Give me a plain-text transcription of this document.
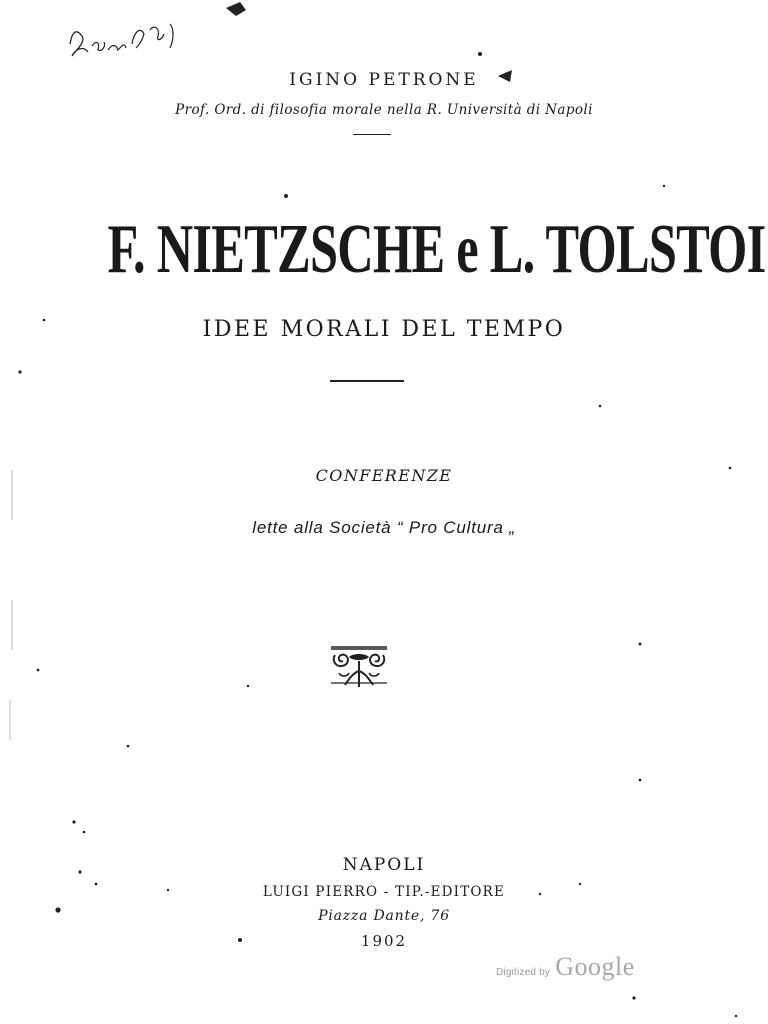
IGINO PETRONE
Prof. Ord. di filosofia morale nella R. Università di Napoli
F. NIETZSCHE e L. TOLSTOI
IDEE MORALI DEL TEMPO
CONFERENZE
lette alla Società “ Pro Cultura „
NAPOLI
LUIGI PIERRO - TIP.-EDITORE
Piazza Dante, 76
1902
Digitized by Google
